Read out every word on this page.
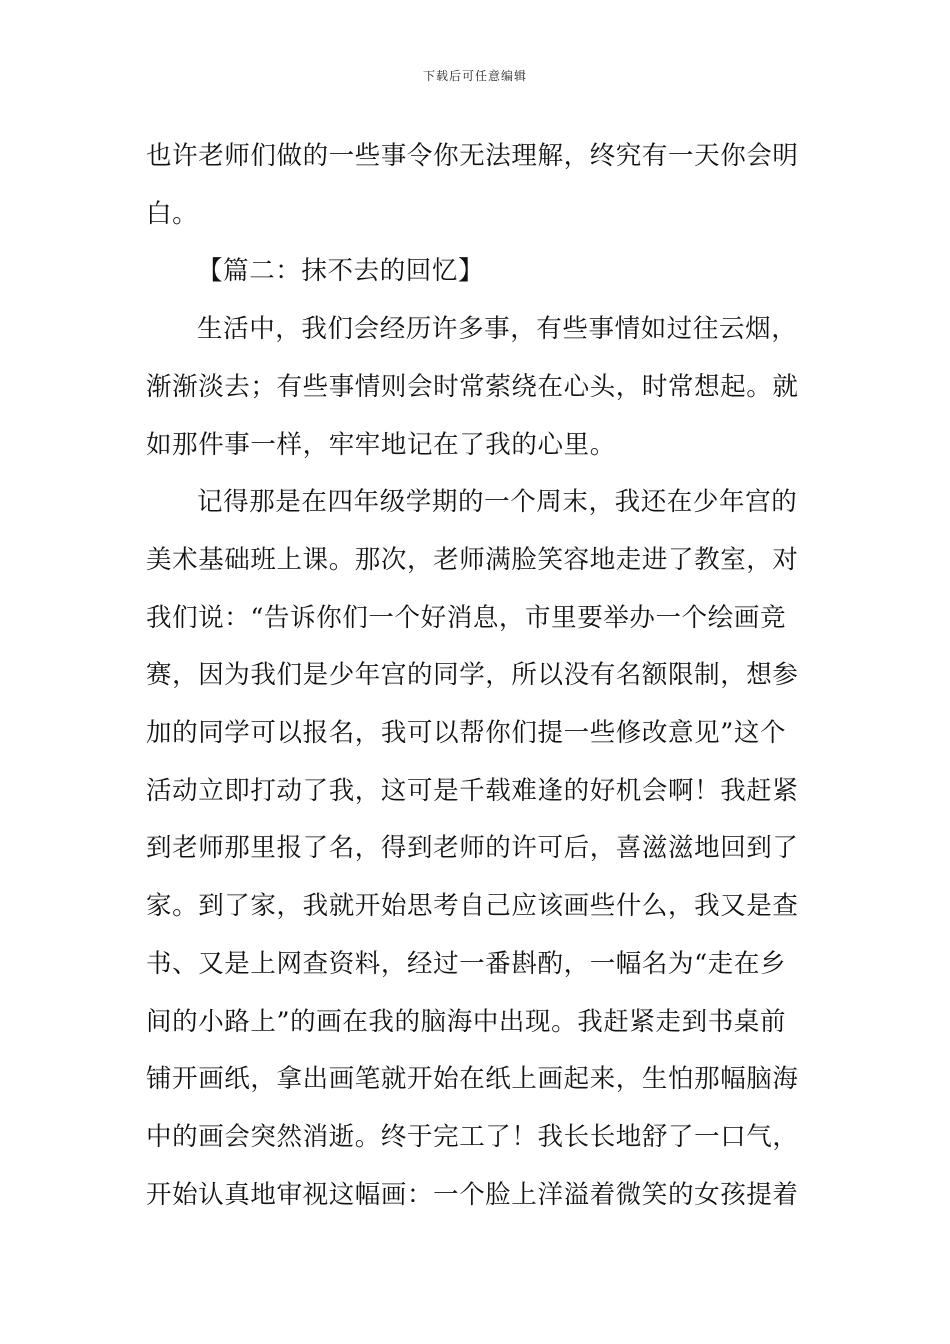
下载后可任意编辑

也许老师们做的一些事令你无法理解，终究有一天你会明
白。

【篇二：抹不去的回忆】

生活中，我们会经历许多事，有些事情如过往云烟，

渐渐淡去；有些事情则会时常萦绕在心头，时常想起。就
如那件事一样，牢牢地记在了我的心里。

记得那是在四年级学期的一个周末，我还在少年宫的

美术基础班上课。那次，老师满脸笑容地走进了教室，对
我们说：“告诉你们一个好消息，市里要举办一个绘画竞
赛，因为我们是少年宫的同学，所以没有名额限制，想参
加的同学可以报名，我可以帮你们提一些修改意见”这个
活动立即打动了我，这可是千载难逢的好机会啊！我赶紧
到老师那里报了名，得到老师的许可后，喜滋滋地回到了
家。到了家，我就开始思考自己应该画些什么，我又是查
书、又是上网查资料，经过一番斟酌，一幅名为“走在乡
间的小路上”的画在我的脑海中出现。我赶紧走到书桌前
铺开画纸，拿出画笔就开始在纸上画起来，生怕那幅脑海
中的画会突然消逝。终于完工了！我长长地舒了一口气，
开始认真地审视这幅画：一个脸上洋溢着微笑的女孩提着
